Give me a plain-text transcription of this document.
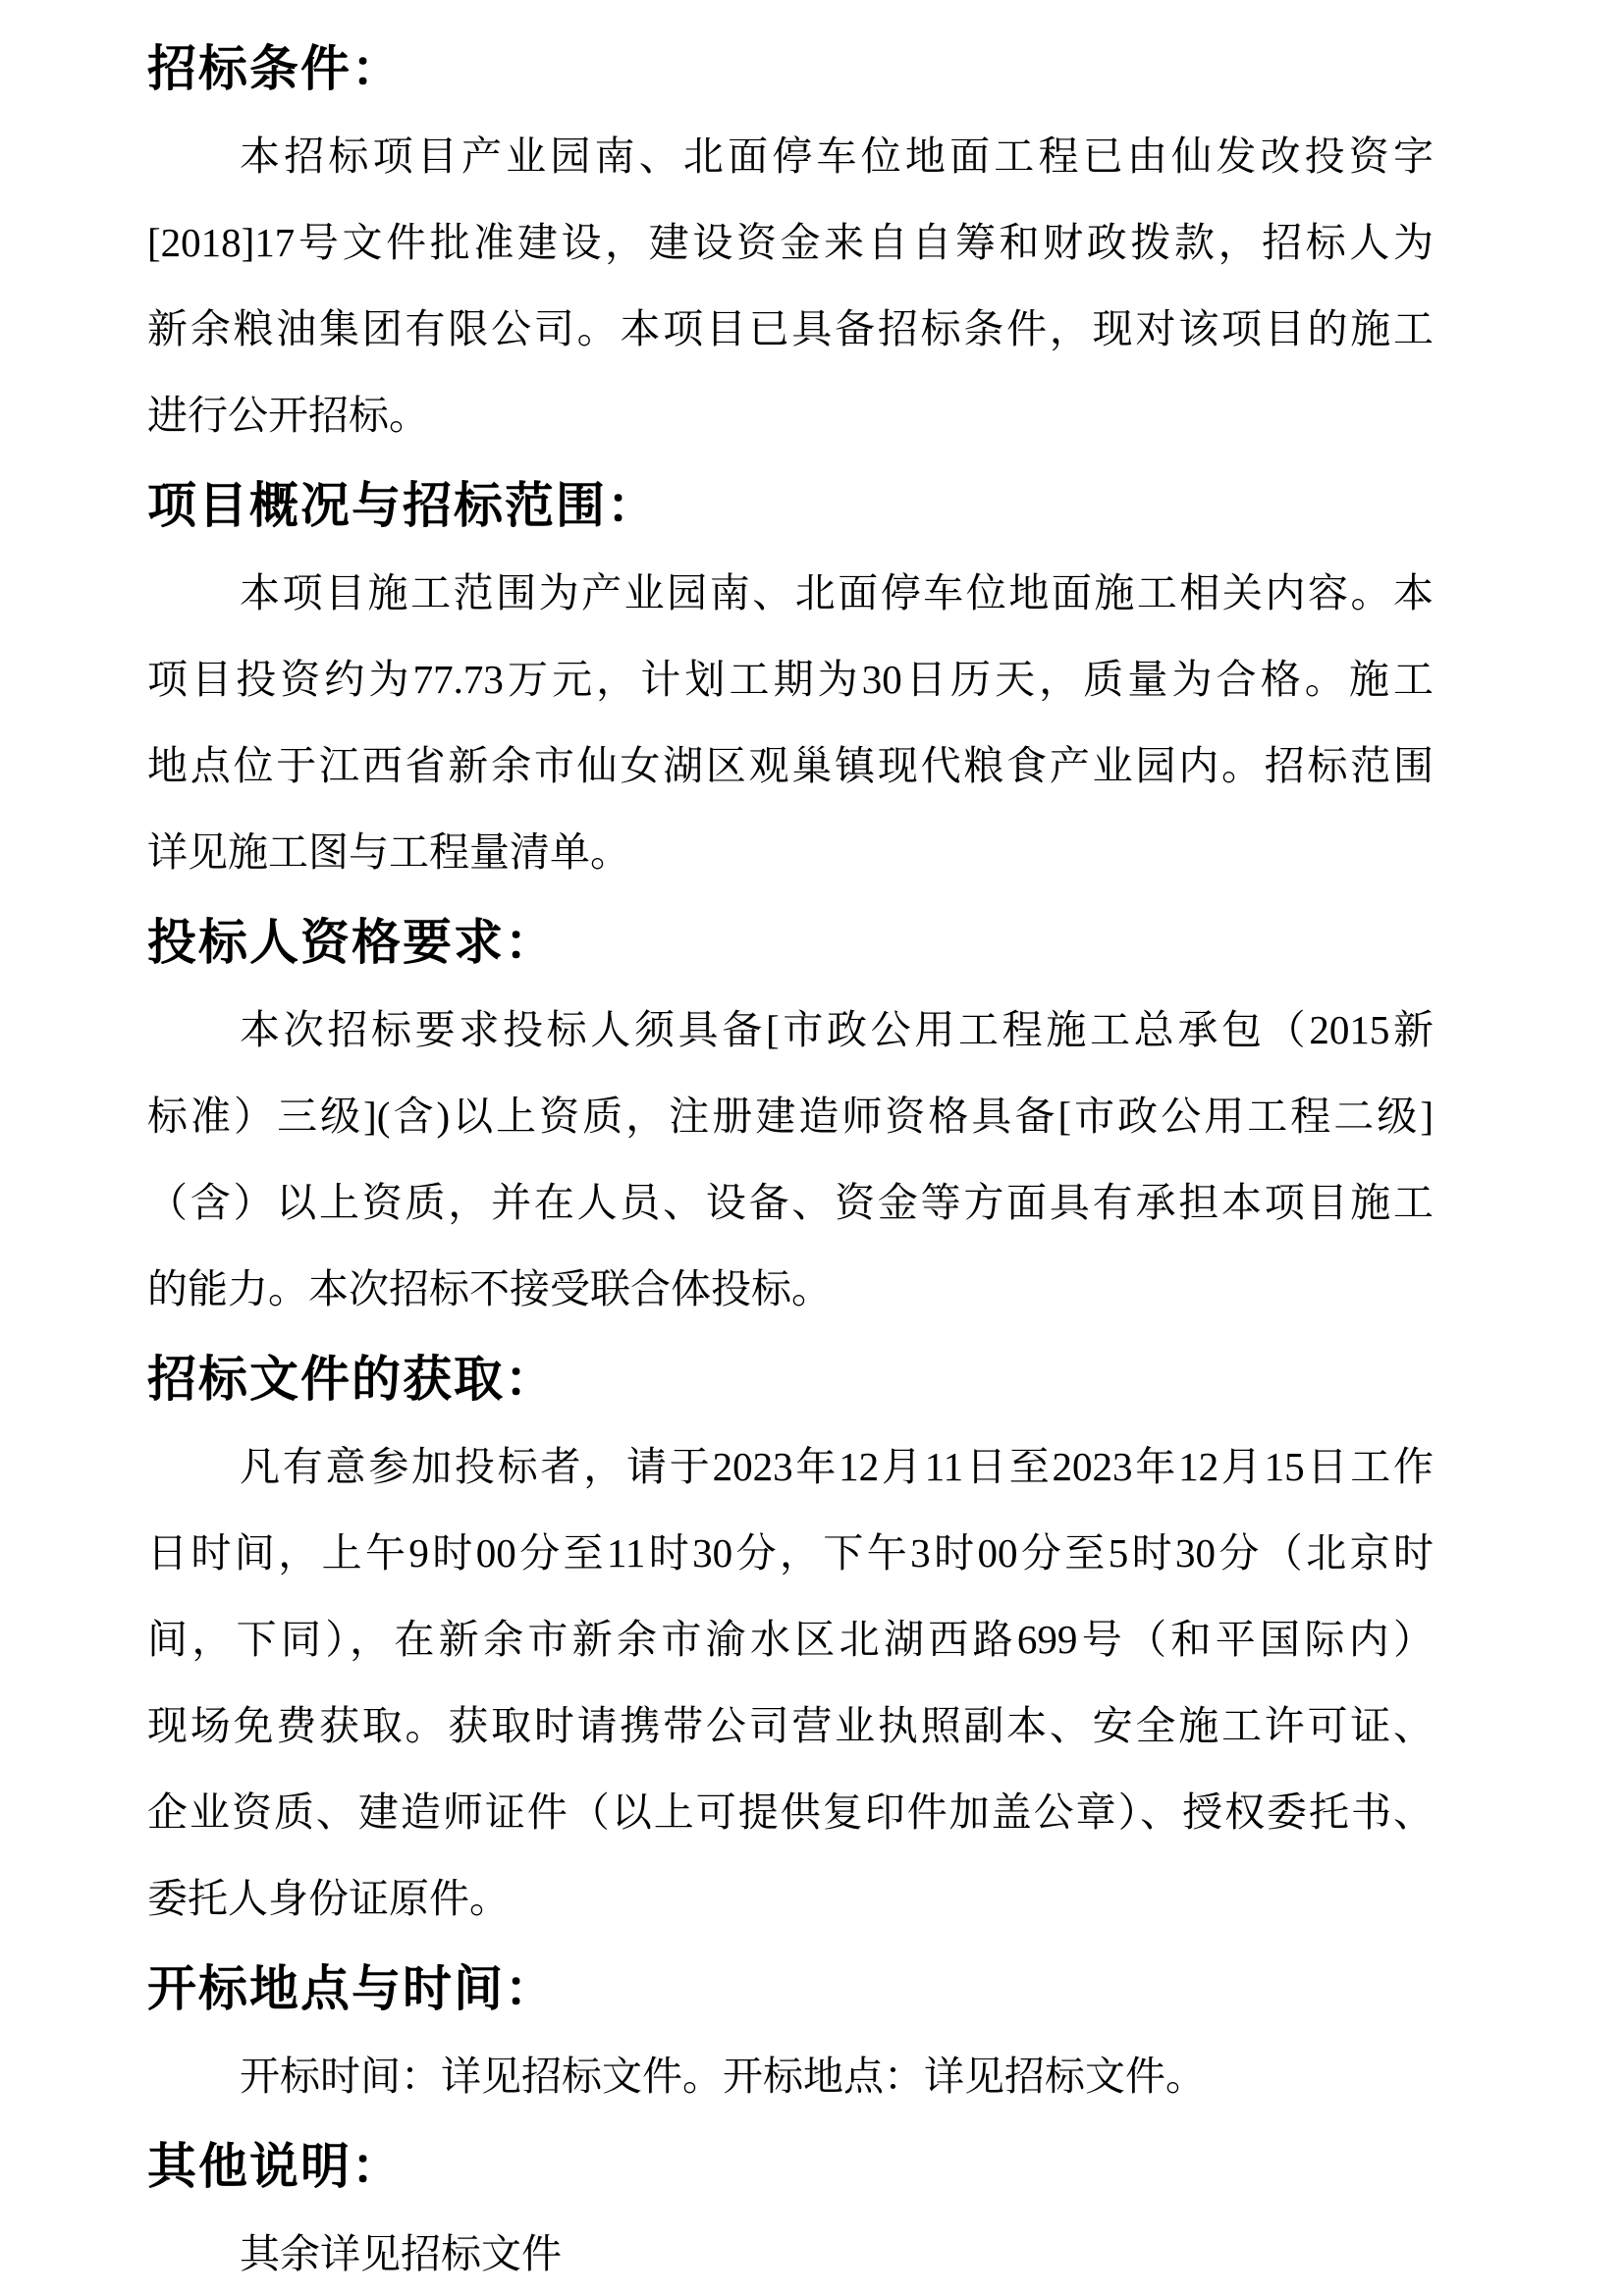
招标条件：
本招标项目产业园南、北面停车位地面工程已由仙发改投资字
[2018]17号文件批准建设，建设资金来自自筹和财政拨款，招标人为
新余粮油集团有限公司。本项目已具备招标条件，现对该项目的施工
进行公开招标。
项目概况与招标范围：
本项目施工范围为产业园南、北面停车位地面施工相关内容。本
项目投资约为77.73万元，计划工期为30日历天，质量为合格。施工
地点位于江西省新余市仙女湖区观巢镇现代粮食产业园内。招标范围
详见施工图与工程量清单。
投标人资格要求：
本次招标要求投标人须具备[市政公用工程施工总承包（2015新
标准）三级](含)以上资质，注册建造师资格具备[市政公用工程二级]
（含）以上资质，并在人员、设备、资金等方面具有承担本项目施工
的能力。本次招标不接受联合体投标。
招标文件的获取：
凡有意参加投标者，请于2023年12月11日至2023年12月15日工作
日时间，上午9时00分至11时30分，下午3时00分至5时30分（北京时
间，下同），在新余市新余市渝水区北湖西路699号（和平国际内）
现场免费获取。获取时请携带公司营业执照副本、安全施工许可证、
企业资质、建造师证件（以上可提供复印件加盖公章）、授权委托书、
委托人身份证原件。
开标地点与时间：
开标时间：详见招标文件。开标地点：详见招标文件。
其他说明：
其余详见招标文件
